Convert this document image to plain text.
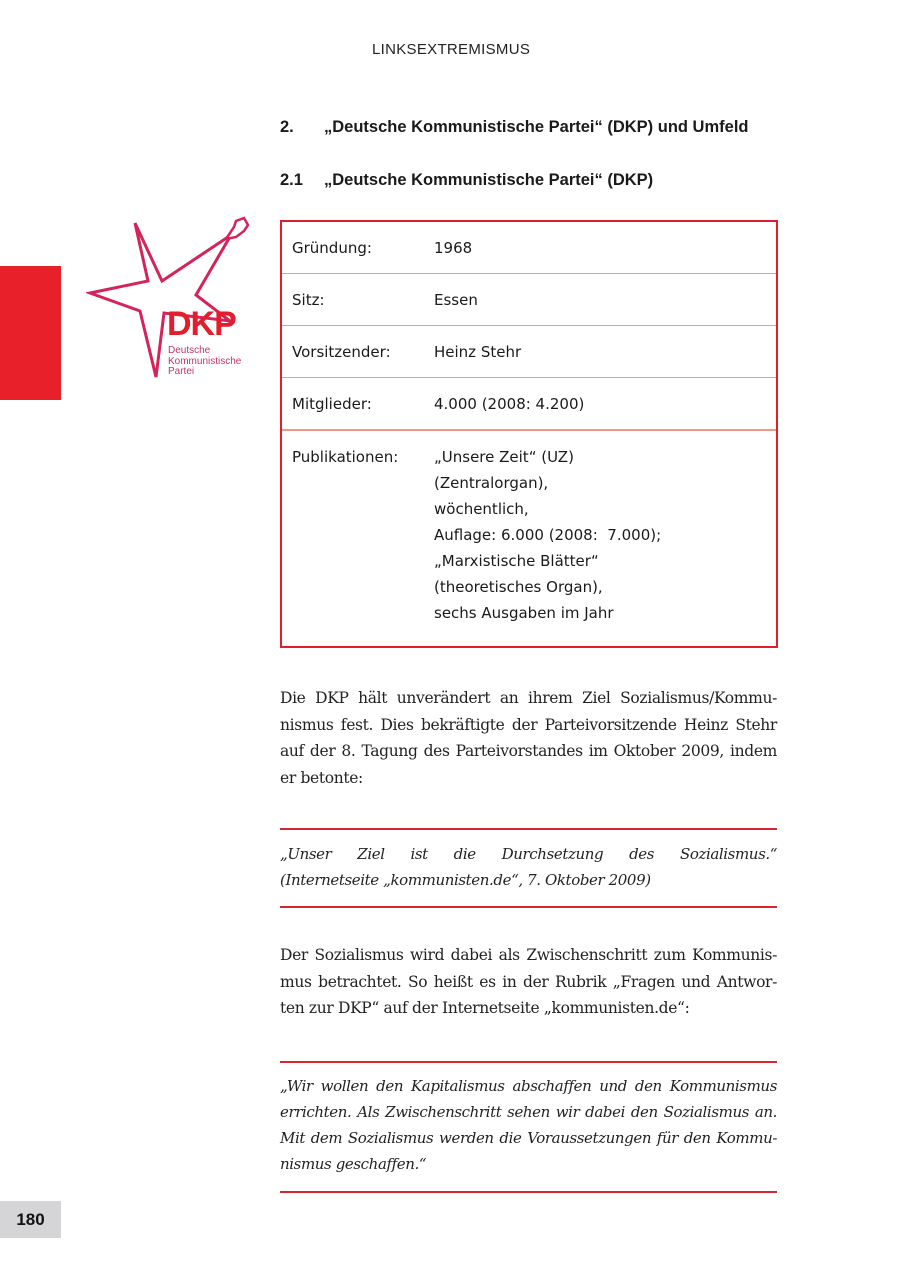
LINKSEXTREMISMUS
180
2.	„Deutsche Kommunistische Partei“ (DKP) und Umfeld
2.1	„Deutsche Kommunistische Partei“ (DKP)
DKP
Deutsche
Kommunistische
Partei
Gründung:	1968
Sitz:	Essen
Vorsitzender:	Heinz Stehr
Mitglieder:	4.000 (2008: 4.200)
Publikationen:	„Unsere Zeit“ (UZ)
(Zentralorgan),
wöchentlich,
Auflage: 6.000 (2008:  7.000);
„Marxistische Blätter“
(theoretisches Organ),
sechs Ausgaben im Jahr
Die DKP hält unverändert an ihrem Ziel Sozialismus/Kommu-
nismus fest. Dies bekräftigte der Parteivorsitzende Heinz Stehr
auf der 8. Tagung des Parteivorstandes im Oktober 2009, indem
er betonte:
„Unser Ziel ist die Durchsetzung des Sozialismus.“
(Internetseite „kommunisten.de“, 7. Oktober 2009)
Der Sozialismus wird dabei als Zwischenschritt zum Kommunis-
mus betrachtet. So heißt es in der Rubrik „Fragen und Antwor-
ten zur DKP“ auf der Internetseite „kommunisten.de“:
„Wir wollen den Kapitalismus abschaffen und den Kommunismus
errichten. Als Zwischenschritt sehen wir dabei den Sozialismus an.
Mit dem Sozialismus werden die Voraussetzungen für den Kommu-
nismus geschaffen.“
